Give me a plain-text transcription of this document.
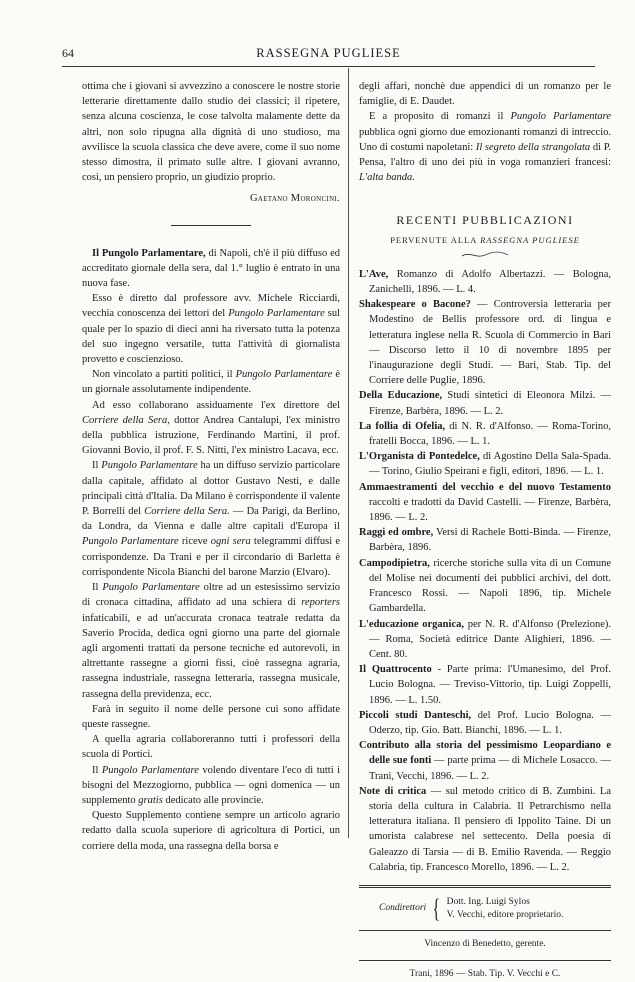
64	RASSEGNA PUGLIESE

ottima che i giovani si avvezzino a conoscere le nostre storie letterarie direttamente dallo studio dei classici; il ripetere, senza alcuna coscienza, le cose talvolta malamente dette da altri, non solo ripugna alla dignità di uno studioso, ma avvilisce la scuola classica che deve avere, come il suo nome stesso dimostra, il primato sulle altre. I giovani avranno, così, un pensiero proprio, un giudizio proprio.

Gaetano Moroncini.

Il Pungolo Parlamentare, di Napoli, ch'è il più diffuso ed accreditato giornale della sera, dal 1.° luglio è entrato in una nuova fase.

Esso è diretto dal professore avv. Michele Ricciardi, vecchia conoscenza dei lettori del Pungolo Parlamentare sul quale per lo spazio di dieci anni ha riversato tutta la potenza del suo ingegno versatile, tutta l'attività di giornalista provetto e coscienzioso.

Non vincolato a partiti politici, il Pungolo Parlamentare è un giornale assolutamente indipendente.

Ad esso collaborano assiduamente l'ex direttore del Corriere della Sera, dottor Andrea Cantalupi, l'ex ministro della pubblica istruzione, Ferdinando Martini, il prof. Giovanni Bovio, il prof. F. S. Nitti, l'ex ministro Lacava, ecc.

Il Pungolo Parlamentare ha un diffuso servizio particolare dalla capitale, affidato al dottor Gustavo Nesti, e dalle principali città d'Italia. Da Milano è corrispondente il valente P. Borrelli del Corriere della Sera. — Da Parigi, da Berlino, da Londra, da Vienna e dalle altre capitali d'Europa il Pungolo Parlamentare riceve ogni sera telegrammi diffusi e corrispondenze. Da Trani e per il circondario di Barletta è corrispondente Nicola Bianchi del barone Marzio (Elvaro).

Il Pungolo Parlamentare oltre ad un estesissimo servizio di cronaca cittadina, affidato ad una schiera di reporters infaticabili, e ad un'accurata cronaca teatrale redatta da Saverio Procida, dedica ogni giorno una parte del giornale agli argomenti trattati da persone tecniche ed autorevoli, in altrettante rassegne a giorni fissi, cioè rassegna agraria, rassegna industriale, rassegna letteraria, rassegna musicale, rassegna della previdenza, ecc.

Farà in seguito il nome delle persone cui sono affidate queste rassegne.

A quella agraria collaboreranno tutti i professori della scuola di Portici.

Il Pungolo Parlamentare volendo diventare l'eco di tutti i bisogni del Mezzogiorno, pubblica — ogni domenica — un supplemento gratis dedicato alle provincie.

Questo Supplemento contiene sempre un articolo agrario redatto dalla scuola superiore di agricoltura di Portici, un corriere della moda, una rassegna della borsa e

degli affari, nonchè due appendici di un romanzo per le famiglie, di E. Daudet.

E a proposito di romanzi il Pungolo Parlamentare pubblica ogni giorno due emozionanti romanzi di intreccio. Uno di costumi napoletani: Il segreto della strangolata di P. Pensa, l'altro di uno dei più in voga romanzieri francesi: L'alta banda.

RECENTI PUBBLICAZIONI
PERVENUTE ALLA RASSEGNA PUGLIESE

L'Ave, Romanzo di Adolfo Albertazzi. — Bologna, Zanichelli, 1896. — L. 4.

Shakespeare o Bacone? — Controversia letteraria per Modestino de Bellis professore ord. di lingua e letteratura inglese nella R. Scuola di Commercio in Bari — Discorso letto il 10 di novembre 1895 per l'inaugurazione degli Studi. — Bari, Stab. Tip. del Corriere delle Puglie, 1896.

Della Educazione, Studi sintetici di Eleonora Milzi. — Firenze, Barbèra, 1896. — L. 2.

La follia di Ofelia, di N. R. d'Alfonso. — Roma-Torino, fratelli Bocca, 1896. — L. 1.

L'Organista di Pontedelce, di Agostino Della Sala-Spada. — Torino, Giulio Speirani e figli, editori, 1896. — L. 1.

Ammaestramenti del vecchio e del nuovo Testamento raccolti e tradotti da David Castelli. — Firenze, Barbèra, 1896. — L. 2.

Raggi ed ombre, Versi di Rachele Botti-Binda. — Firenze, Barbèra, 1896.

Campodipietra, ricerche storiche sulla vita di un Comune del Molise nei documenti dei pubblici archivi, del dott. Francesco Rossi. — Napoli 1896, tip. Michele Gambardella.

L'educazione organica, per N. R. d'Alfonso (Prelezione). — Roma, Società editrice Dante Alighieri, 1896. — Cent. 80.

Il Quattrocento - Parte prima: l'Umanesimo, del Prof. Lucio Bologna. — Treviso-Vittorio, tip. Luigi Zoppelli, 1896. — L. 1.50.

Piccoli studi Danteschi, del Prof. Lucio Bologna. — Oderzo, tip. Gio. Batt. Bianchi, 1896. — L. 1.

Contributo alla storia del pessimismo Leopardiano e delle sue fonti — parte prima — di Michele Losacco. — Trani, Vecchi, 1896. — L. 2.

Note di critica — sul metodo critico di B. Zumbini. La storia della cultura in Calabria. Il Petrarchismo nella letteratura italiana. Il pensiero di Ippolito Taine. Di un umorista calabrese nel settecento. Della poesia di Galeazzo di Tarsia — di B. Emilio Ravenda. — Reggio Calabria, tip. Francesco Morello, 1896. — L. 2.

Condirettori { Dott. Ing. Luigi Sylos
V. Vecchi, editore proprietario.
Vincenzo di Benedetto, gerente.
Trani, 1896 — Stab. Tip. V. Vecchi e C.
